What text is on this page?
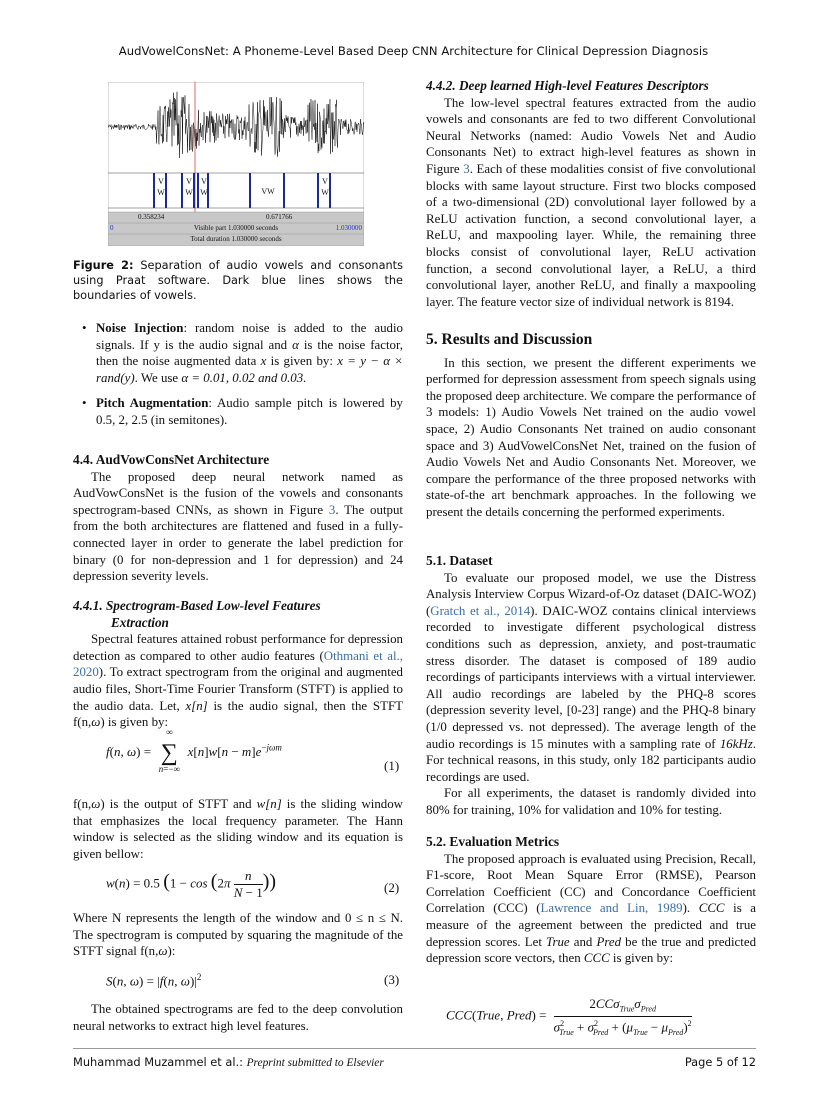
AudVowelConsNet: A Phoneme-Level Based Deep CNN Architecture for Clinical Depression Diagnosis
V
W
V
W
V
W	VW
V
W
0.358234	0.671766
0	Visible part 1.030000 seconds	1.030000
Total duration 1.030000 seconds
Figure 2: Separation of audio vowels and consonants using Praat software. Dark blue lines shows the boundaries of vowels.
• Noise Injection: random noise is added to the audio signals. If y is the audio signal and α is the noise factor, then the noise augmented data x is given by: x = y − α × rand(y). We use α = 0.01, 0.02 and 0.03.
• Pitch Augmentation: Audio sample pitch is lowered by 0.5, 2, 2.5 (in semitones).
4.4. AudVowConsNet Architecture

The proposed deep neural network named as AudVowConsNet is the fusion of the vowels and consonants spectrogram-based CNNs, as shown in Figure 3. The output from the both architectures are flattened and fused in a fully-connected layer in order to generate the label prediction for binary (0 for non-depression and 1 for depression) and 24 depression severity levels.

4.4.1. Spectrogram-Based Low-level Features
Extraction

Spectral features attained robust performance for depression detection as compared to other audio features (Othmani et al., 2020). To extract spectrogram from the original and augmented audio files, Short-Time Fourier Transform (STFT) is applied to the audio data. Let, x[n] is the audio signal, then the STFT f(n,ω) is given by:

f(n, ω) =
∞
∑
n=−∞
$x[n]w[n - m]e^{-j\omega m}$
(1)

f(n,ω) is the output of STFT and w[n] is the sliding window that emphasizes the local frequency parameter. The Hann window is selected as the sliding window and its equation is given bellow:

w(n) = 0.5 ($1 - \cos (2\pi \frac{n}{N - 1}$ ))	(2)

Where N represents the length of the window and 0 ≤ n ≤ N. The spectrogram is computed by squaring the magnitude of the STFT signal f(n,ω):

S(n, ω) = |f(n, $\omega)|^2$	(3)

The obtained spectrograms are fed to the deep convolution neural networks to extract high level features.

4.4.2. Deep learned High-level Features Descriptors

The low-level spectral features extracted from the audio vowels and consonants are fed to two different Convolutional Neural Networks (named: Audio Vowels Net and Audio Consonants Net) to extract high-level features as shown in Figure 3. Each of these modalities consist of five convolutional blocks with same layout structure. First two blocks composed of a two-dimensional (2D) convolutional layer followed by a ReLU activation function, a second convolutional layer, a ReLU, and maxpooling layer. While, the remaining three blocks consist of convolutional layer, ReLU activation function, a second convolutional layer, a ReLU, a third convolutional layer, another ReLU, and finally a maxpooling layer. The feature vector size of individual network is 8194.

5. Results and Discussion

In this section, we present the different experiments we performed for depression assessment from speech signals using the proposed deep architecture. We compare the performance of 3 models: 1) Audio Vowels Net trained on the audio vowel space, 2) Audio Consonants Net trained on audio consonant space and 3) AudVowelConsNet Net, trained on the fusion of Audio Vowels Net and Audio Consonants Net. Moreover, we compare the performance of the three proposed networks with state-of-the art benchmark approaches. In the following we present the details concerning the performed experiments.

5.1. Dataset

To evaluate our proposed model, we use the Distress Analysis Interview Corpus Wizard-of-Oz dataset (DAIC-WOZ) (Gratch et al., 2014). DAIC-WOZ contains clinical interviews recorded to investigate different psychological distress conditions such as depression, anxiety, and post-traumatic stress disorder. The dataset is composed of 189 audio recordings of participants interviews with a virtual interviewer. All audio recordings are labeled by the PHQ-8 scores (depression severity level, [0-23] range) and the PHQ-8 binary (1/0 depressed vs. not depressed). The average length of the audio recordings is 15 minutes with a sampling rate of 16kHz. For technical reasons, in this study, only 182 participants audio recordings are used.

For all experiments, the dataset is randomly divided into 80% for training, 10% for validation and 10% for testing.

5.2. Evaluation Metrics

The proposed approach is evaluated using Precision, Recall, F1-score, Root Mean Square Error (RMSE), Pearson Correlation Coefficient (CC) and Concordance Coefficient Correlation (CCC) (Lawrence and Lin, 1989). CCC is a measure of the agreement between the predicted and true depression scores. Let True and Pred be the true and predicted depression score vectors, then CCC is given by:

CCC(True, Pred) = $\frac{2CC\sigma_{True}\sigma_{Pred}}{\sigma^2_{True} + \sigma^2_{Pred} + (\mu_{True} - \mu_{Pred})^2}$
Muhammad Muzammel et al.: Preprint submitted to Elsevier	Page 5 of 12
